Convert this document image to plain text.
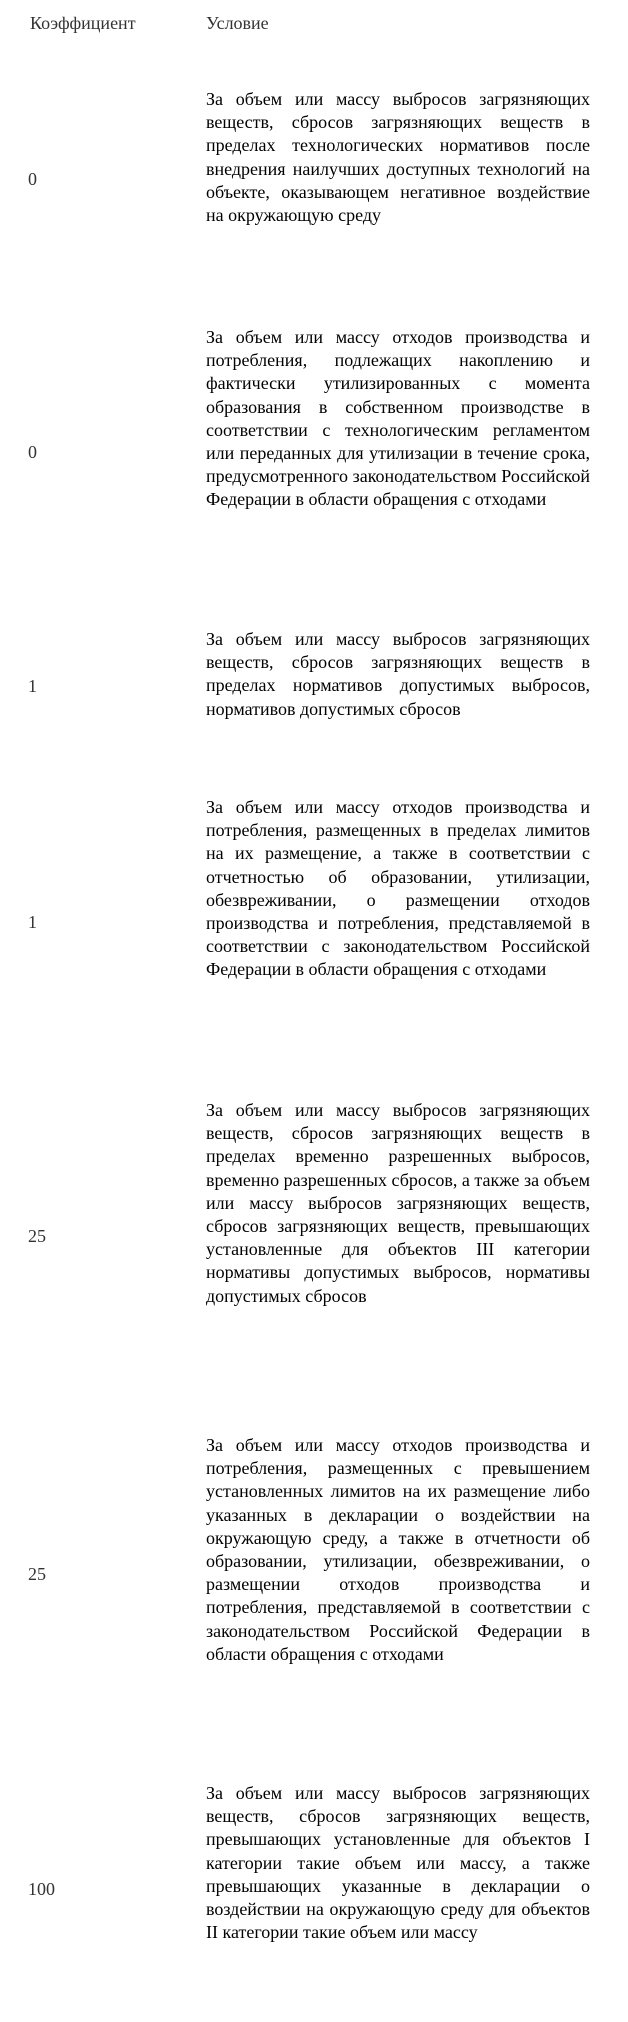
Коэффициент	Условие
0

За объем или массу выбросов загрязняющих веществ, сбросов загрязняющих веществ в пределах технологических нормативов после внедрения наилучших доступных технологий на объекте, оказывающем негативное воздействие на окружающую среду

0

За объем или массу отходов производства и потребления, подлежащих накоплению и фактически утилизированных с момента образования в собственном производстве в соответствии с технологическим регламентом или переданных для утилизации в течение срока, предусмотренного законодательством Российской Федерации в области обращения с отходами

1

За объем или массу выбросов загрязняющих веществ, сбросов загрязняющих веществ в пределах нормативов допустимых выбросов, нормативов допустимых сбросов

1

За объем или массу отходов производства и потребления, размещенных в пределах лимитов на их размещение, а также в соответствии с отчетностью об образовании, утилизации, обезвреживании, о размещении отходов производства и потребления, представляемой в соответствии с законодательством Российской Федерации в области обращения с отходами

25

За объем или массу выбросов загрязняющих веществ, сбросов загрязняющих веществ в пределах временно разрешенных выбросов, временно разрешенных сбросов, а также за объем или массу выбросов загрязняющих веществ, сбросов загрязняющих веществ, превышающих установленные для объектов III категории нормативы допустимых выбросов, нормативы допустимых сбросов

25

За объем или массу отходов производства и потребления, размещенных с превышением установленных лимитов на их размещение либо указанных в декларации о воздействии на окружающую среду, а также в отчетности об образовании, утилизации, обезвреживании, о размещении отходов производства и потребления, представляемой в соответствии с законодательством Российской Федерации в области обращения с отходами

100

За объем или массу выбросов загрязняющих веществ, сбросов загрязняющих веществ, превышающих установленные для объектов I категории такие объем или массу, а также превышающих указанные в декларации о воздействии на окружающую среду для объектов II категории такие объем или массу
